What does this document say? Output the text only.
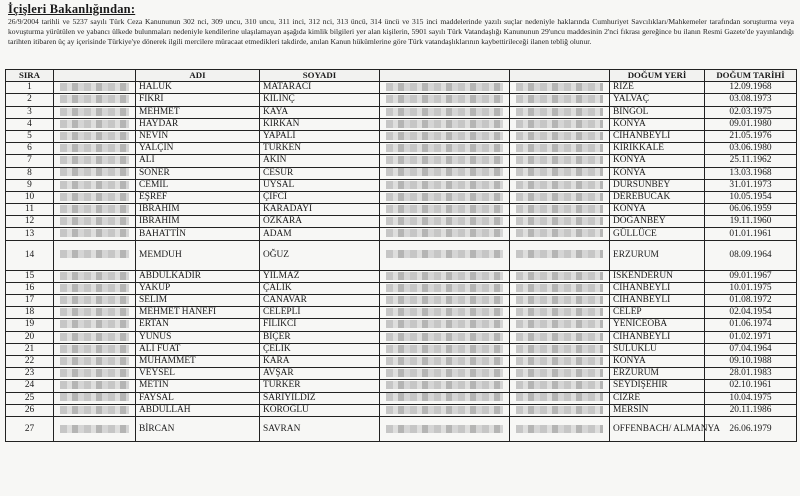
İçişleri Bakanlığından:
26/9/2004 tarihli ve 5237 sayılı Türk Ceza Kanununun 302 nci, 309 uncu, 310 uncu, 311 inci, 312 nci, 313 üncü, 314 üncü ve 315 inci maddelerinde yazılı suçlar nedeniyle haklarında Cumhuriyet Savcılıkları/Mahkemeler tarafından soruşturma veya kovuşturma yürütülen ve yabancı ülkede bulunmaları nedeniyle kendilerine ulaşılamayan aşağıda kimlik bilgileri yer alan kişilerin, 5901 sayılı Türk Vatandaşlığı Kanununun 29'uncu maddesinin 2'nci fıkrası gereğince bu ilanın Resmi Gazete'de yayınlandığı tarihten itibaren üç ay içerisinde Türkiye'ye dönerek ilgili mercilere müracaat etmedikleri takdirde, anılan Kanun hükümlerine göre Türk vatandaşlıklarının kaybettirileceği ilanen tebliğ olunur.
SIRA		ADI	SOYADI			DOĞUM YERİ	DOĞUM TARİHİ
1		HALUK	MATARACI			RİZE	12.09.1968
2		FİKRİ	KILINÇ			YALVAÇ	03.08.1973
3		MEHMET	KAYA			BİNGÖL	02.03.1975
4		HAYDAR	KIRKAN			KONYA	09.01.1980
5		NEVİN	YAPALI			CİHANBEYLİ	21.05.1976
6		YALÇIN	TÜRKEN			KIRIKKALE	03.06.1980
7		ALİ	AKIN			KONYA	25.11.1962
8		SONER	CESUR			KONYA	13.03.1968
9		CEMİL	UYSAL			DURSUNBEY	31.01.1973
10		EŞREF	ÇİFCİ			DEREBUCAK	10.05.1954
11		İBRAHİM	KARADAYI			KONYA	06.06.1959
12		İBRAHİM	ÖZKARA			DOĞANBEY	19.11.1960
13		BAHATTİN	ADAM			GÜLLÜCE	01.01.1961
14		MEMDUH	OĞUZ			ERZURUM	08.09.1964
15		ABDULKADİR	YILMAZ			İSKENDERUN	09.01.1967
16		YAKUP	ÇALIK			CİHANBEYLİ	10.01.1975
17		SELİM	CANAVAR			CİHANBEYLİ	01.08.1972
18		MEHMET HANEFİ	CELEPLİ			CELEP	02.04.1954
19		ERTAN	FİLİKCİ			YENİCEOBA	01.06.1974
20		YUNUS	BİÇER			CİHANBEYLİ	01.02.1971
21		ALİ FUAT	ÇELİK			SÜLÜKLÜ	07.04.1964
22		MUHAMMET	KARA			KONYA	09.10.1988
23		VEYSEL	AVŞAR			ERZURUM	28.01.1983
24		METİN	TÜRKER			SEYDİŞEHİR	02.10.1961
25		FAYSAL	SARIYILDIZ			CİZRE	10.04.1975
26		ABDULLAH	KÖROĞLU			MERSİN	20.11.1986
27		BİRCAN	SAVRAN			OFFENBACH/ ALMANYA	26.06.1979
